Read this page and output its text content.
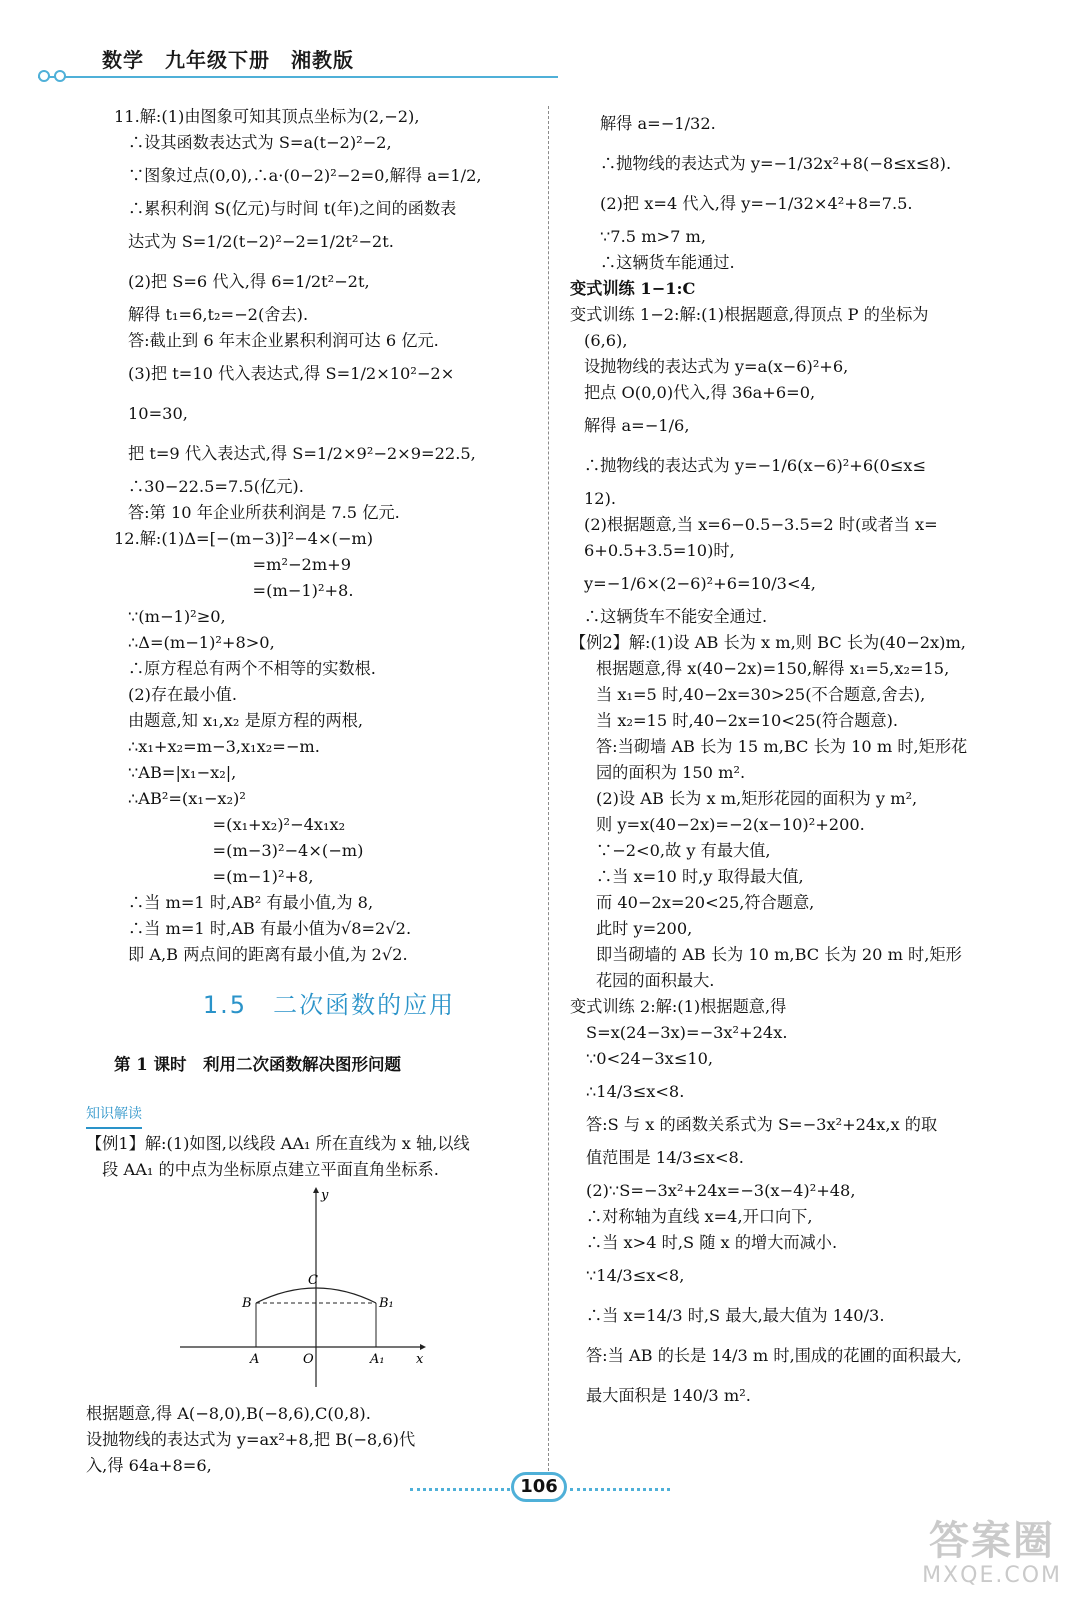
数学　九年级下册　湘教版
11.解:(1)由图象可知其顶点坐标为(2,−2),
∴设其函数表达式为 S=a(t−2)²−2,
∵图象过点(0,0),∴a·(0−2)²−2=0,解得 a=1/2,
∴累积利润 S(亿元)与时间 t(年)之间的函数表
达式为 S=1/2(t−2)²−2=1/2t²−2t.
(2)把 S=6 代入,得 6=1/2t²−2t,
解得 t₁=6,t₂=−2(舍去).
答:截止到 6 年末企业累积利润可达 6 亿元.
(3)把 t=10 代入表达式,得 S=1/2×10²−2×
10=30,
把 t=9 代入表达式,得 S=1/2×9²−2×9=22.5,
∴30−22.5=7.5(亿元).
答:第 10 年企业所获利润是 7.5 亿元.
12.解:(1)Δ=[−(m−3)]²−4×(−m)
　　　=m²−2m+9
　　　=(m−1)²+8.
∵(m−1)²≥0,
∴Δ=(m−1)²+8>0,
∴原方程总有两个不相等的实数根.
(2)存在最小值.
由题意,知 x₁,x₂ 是原方程的两根,
∴x₁+x₂=m−3,x₁x₂=−m.
∵AB=|x₁−x₂|,
∴AB²=(x₁−x₂)²
　　　=(x₁+x₂)²−4x₁x₂
　　　=(m−3)²−4×(−m)
　　　=(m−1)²+8,
∴当 m=1 时,AB² 有最小值,为 8,
∴当 m=1 时,AB 有最小值为√8=2√2.
即 A,B 两点间的距离有最小值,为 2√2.
1.5　二次函数的应用
第 1 课时　利用二次函数解决图形问题
知识解读
【例1】解:(1)如图,以线段 AA₁ 所在直线为 x 轴,以线
　段 AA₁ 的中点为坐标原点建立平面直角坐标系.
y
x
C
B	B₁
A	O	A₁
根据题意,得 A(−8,0),B(−8,6),C(0,8).
设抛物线的表达式为 y=ax²+8,把 B(−8,6)代
入,得 64a+8=6,
解得 a=−1/32.
∴抛物线的表达式为 y=−1/32x²+8(−8≤x≤8).
(2)把 x=4 代入,得 y=−1/32×4²+8=7.5.
∵7.5 m>7 m,
∴这辆货车能通过.
变式训练 1−1:C
变式训练 1−2:解:(1)根据题意,得顶点 P 的坐标为
(6,6),
设抛物线的表达式为 y=a(x−6)²+6,
把点 O(0,0)代入,得 36a+6=0,
解得 a=−1/6,
∴抛物线的表达式为 y=−1/6(x−6)²+6(0≤x≤
12).
(2)根据题意,当 x=6−0.5−3.5=2 时(或者当 x=
6+0.5+3.5=10)时,
y=−1/6×(2−6)²+6=10/3<4,
∴这辆货车不能安全通过.
【例2】解:(1)设 AB 长为 x m,则 BC 长为(40−2x)m,
根据题意,得 x(40−2x)=150,解得 x₁=5,x₂=15,
当 x₁=5 时,40−2x=30>25(不合题意,舍去),
当 x₂=15 时,40−2x=10<25(符合题意).
答:当砌墙 AB 长为 15 m,BC 长为 10 m 时,矩形花
园的面积为 150 m².
(2)设 AB 长为 x m,矩形花园的面积为 y m²,
则 y=x(40−2x)=−2(x−10)²+200.
∵−2<0,故 y 有最大值,
∴当 x=10 时,y 取得最大值,
而 40−2x=20<25,符合题意,
此时 y=200,
即当砌墙的 AB 长为 10 m,BC 长为 20 m 时,矩形
花园的面积最大.
变式训练 2:解:(1)根据题意,得
S=x(24−3x)=−3x²+24x.
∵0<24−3x≤10,
∴14/3≤x<8.
答:S 与 x 的函数关系式为 S=−3x²+24x,x 的取
值范围是 14/3≤x<8.
(2)∵S=−3x²+24x=−3(x−4)²+48,
∴对称轴为直线 x=4,开口向下,
∴当 x>4 时,S 随 x 的增大而减小.
∵14/3≤x<8,
∴当 x=14/3 时,S 最大,最大值为 140/3.
答:当 AB 的长是 14/3 m 时,围成的花圃的面积最大,
最大面积是 140/3 m².
106
答案圈
MXQE.COM
